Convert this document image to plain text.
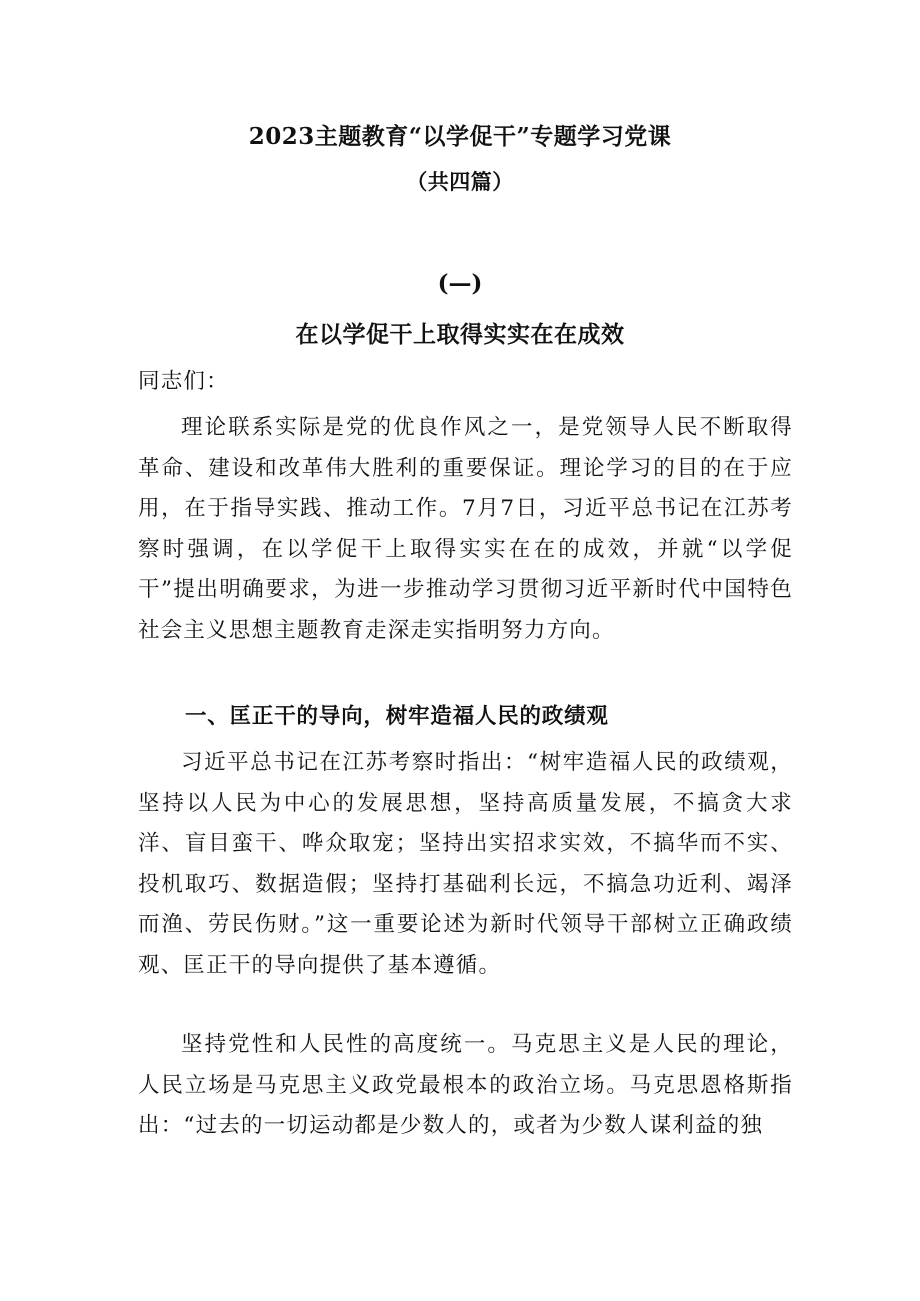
2023主题教育“以学促干”专题学习党课
（共四篇）
(—)
在以学促干上取得实实在在成效
同志们：
理论联系实际是党的优良作风之一，是党领导人民不断取得革命、建设和改革伟大胜利的重要保证。理论学习的目的在于应用，在于指导实践、推动工作。7月7日，习近平总书记在江苏考察时强调，在以学促干上取得实实在在的成效，并就“以学促干”提出明确要求，为进一步推动学习贯彻习近平新时代中国特色社会主义思想主题教育走深走实指明努力方向。
一、匡正干的导向，树牢造福人民的政绩观
习近平总书记在江苏考察时指出：“树牢造福人民的政绩观，坚持以人民为中心的发展思想，坚持高质量发展，不搞贪大求洋、盲目蛮干、哗众取宠；坚持出实招求实效，不搞华而不实、投机取巧、数据造假；坚持打基础利长远，不搞急功近利、竭泽而渔、劳民伤财。”这一重要论述为新时代领导干部树立正确政绩观、匡正干的导向提供了基本遵循。
坚持党性和人民性的高度统一。马克思主义是人民的理论，人民立场是马克思主义政党最根本的政治立场。马克思恩格斯指出：“过去的一切运动都是少数人的，或者为少数人谋利益的独
